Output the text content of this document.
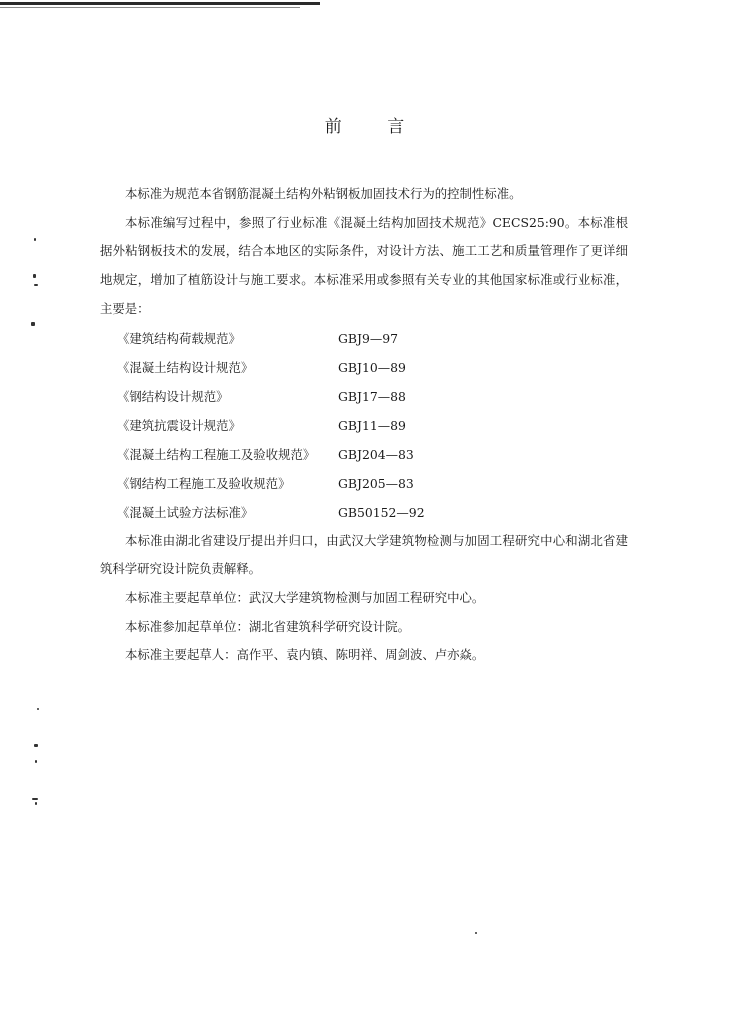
前 言

本标准为规范本省钢筋混凝土结构外粘钢板加固技术行为的控制性标准。

本标准编写过程中，参照了行业标准《混凝土结构加固技术规范》CECS25:90。本标准根据外粘钢板技术的发展，结合本地区的实际条件，对设计方法、施工工艺和质量管理作了更详细地规定，增加了植筋设计与施工要求。本标准采用或参照有关专业的其他国家标准或行业标准，主要是：

《建筑结构荷载规范》	GBJ9—97
《混凝土结构设计规范》	GBJ10—89
《钢结构设计规范》	GBJ17—88
《建筑抗震设计规范》	GBJ11—89
《混凝土结构工程施工及验收规范》	GBJ204—83
《钢结构工程施工及验收规范》	GBJ205—83
《混凝土试验方法标准》	GB50152—92

本标准由湖北省建设厅提出并归口，由武汉大学建筑物检测与加固工程研究中心和湖北省建筑科学研究设计院负责解释。

本标准主要起草单位：武汉大学建筑物检测与加固工程研究中心。

本标准参加起草单位：湖北省建筑科学研究设计院。

本标准主要起草人：高作平、袁内镇、陈明祥、周剑波、卢亦焱。
